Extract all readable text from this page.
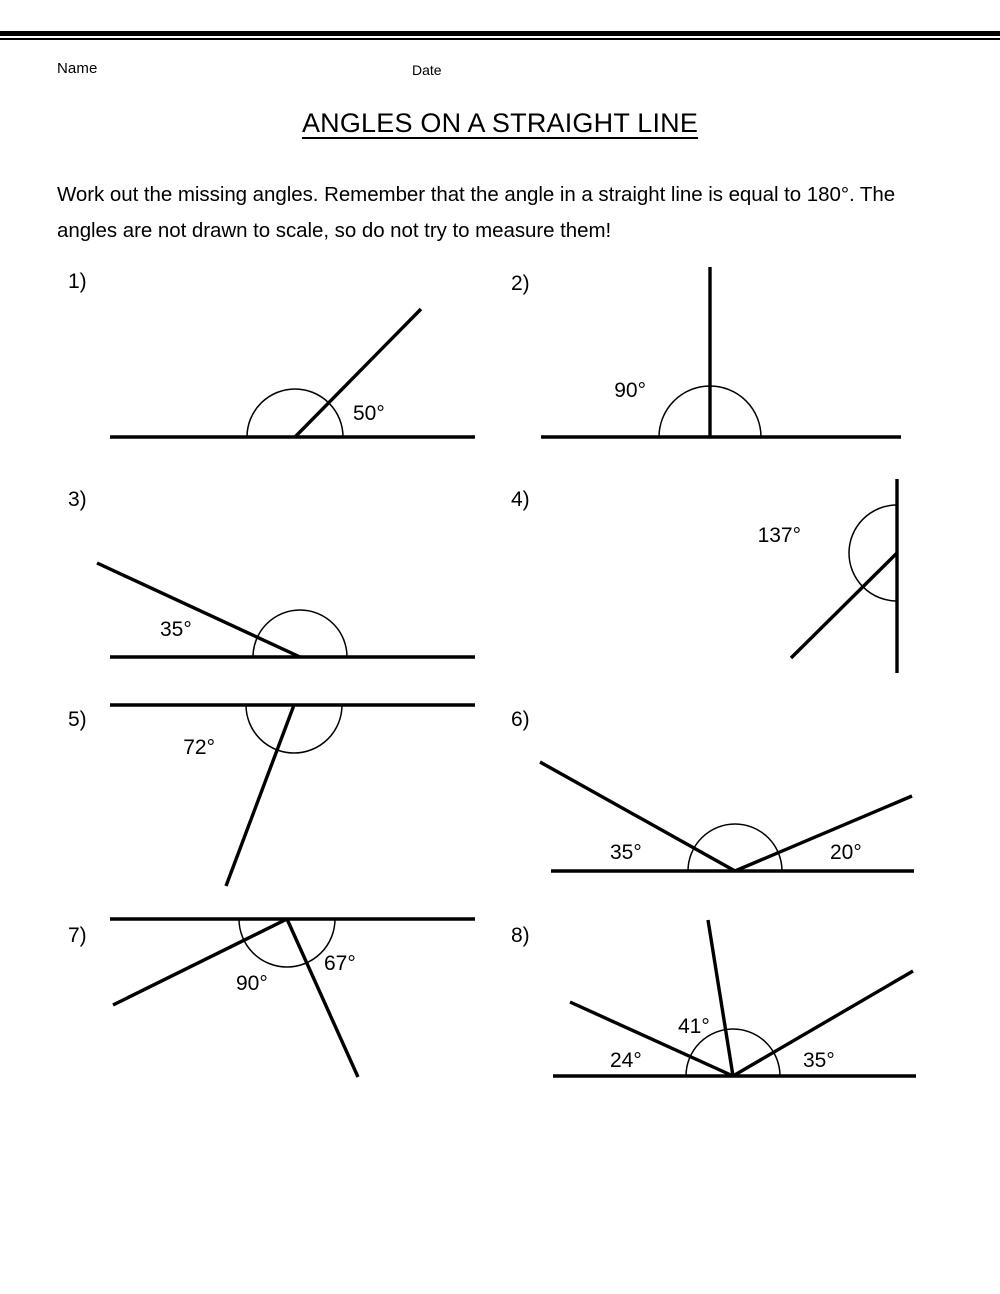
Name	Date
ANGLES ON A STRAIGHT LINE
Work out the missing angles. Remember that the angle in a straight line is equal to 180°. The angles are not drawn to scale, so do not try to measure them!
1)
50°
2)
90°
3)
35°
4)
137°
5)
72°
6)
35°	20°
7)
90°
67°
8)
24°
41°
35°
